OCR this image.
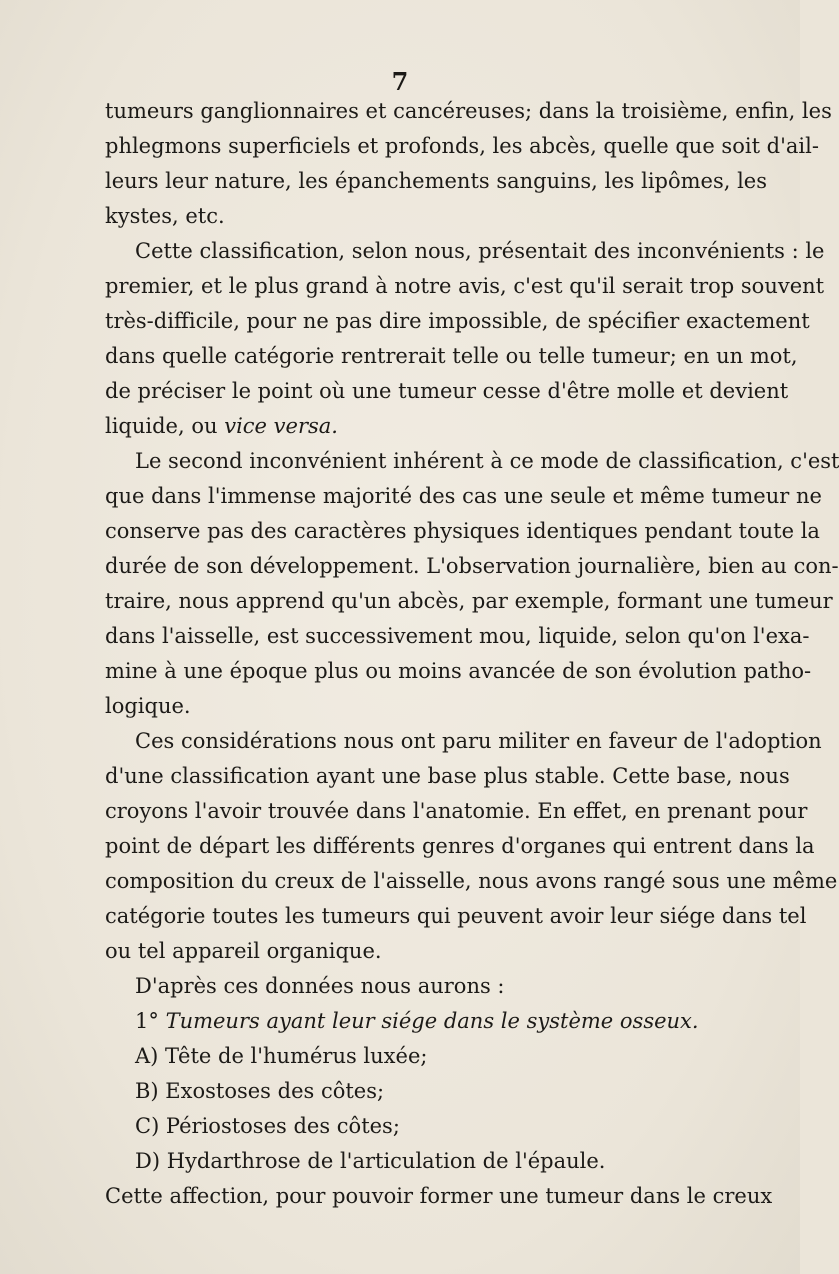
7
tumeurs ganglionnaires et cancéreuses; dans la troisième, enfin, les
phlegmons superficiels et profonds, les abcès, quelle que soit d'ail-
leurs leur nature, les épanchements sanguins, les lipômes, les
kystes, etc.
Cette classification, selon nous, présentait des inconvénients : le
premier, et le plus grand à notre avis, c'est qu'il serait trop souvent
très-difficile, pour ne pas dire impossible, de spécifier exactement
dans quelle catégorie rentrerait telle ou telle tumeur; en un mot,
de préciser le point où une tumeur cesse d'être molle et devient
liquide, ou vice versa.
Le second inconvénient inhérent à ce mode de classification, c'est
que dans l'immense majorité des cas une seule et même tumeur ne
conserve pas des caractères physiques identiques pendant toute la
durée de son développement. L'observation journalière, bien au con-
traire, nous apprend qu'un abcès, par exemple, formant une tumeur
dans l'aisselle, est successivement mou, liquide, selon qu'on l'exa-
mine à une époque plus ou moins avancée de son évolution patho-
logique.
Ces considérations nous ont paru militer en faveur de l'adoption
d'une classification ayant une base plus stable. Cette base, nous
croyons l'avoir trouvée dans l'anatomie. En effet, en prenant pour
point de départ les différents genres d'organes qui entrent dans la
composition du creux de l'aisselle, nous avons rangé sous une même
catégorie toutes les tumeurs qui peuvent avoir leur siége dans tel
ou tel appareil organique.
D'après ces données nous aurons :
1° Tumeurs ayant leur siége dans le système osseux.
A) Tête de l'humérus luxée;
B) Exostoses des côtes;
C) Périostoses des côtes;
D) Hydarthrose de l'articulation de l'épaule.
Cette affection, pour pouvoir former une tumeur dans le creux
